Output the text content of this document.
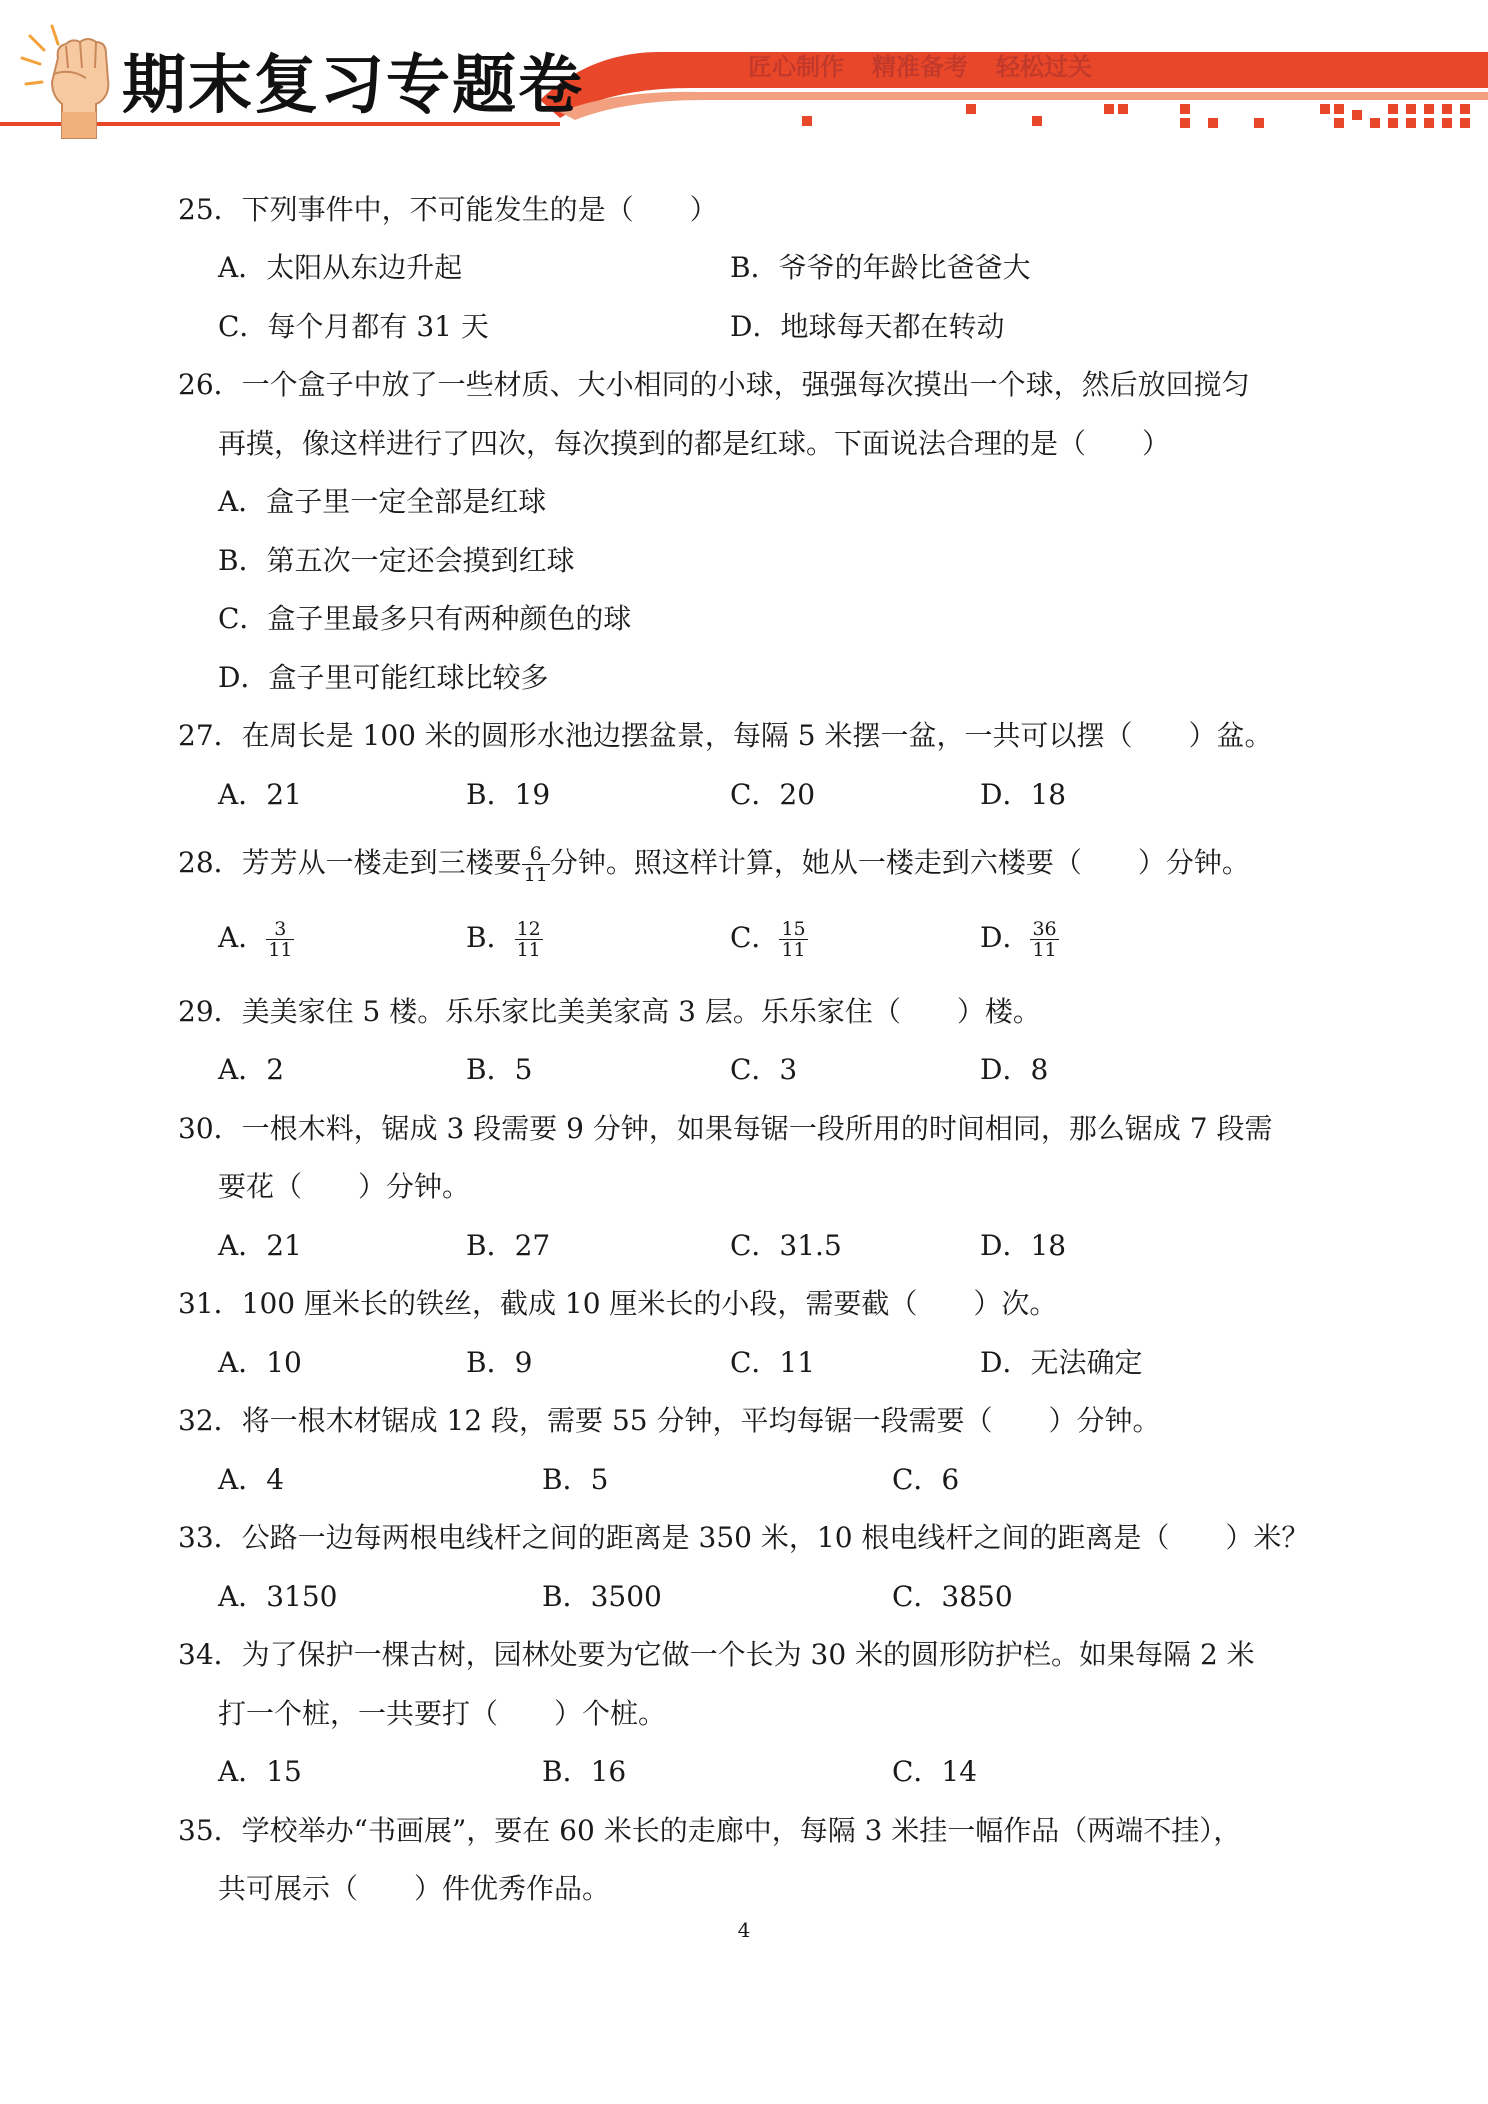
期末复习专题卷	匠心制作 精准备考 轻松过关
25．下列事件中，不可能发生的是（　　）
A．太阳从东边升起	B．爷爷的年龄比爸爸大
C．每个月都有 31 天	D．地球每天都在转动
26．一个盒子中放了一些材质、大小相同的小球，强强每次摸出一个球，然后放回搅匀
再摸，像这样进行了四次，每次摸到的都是红球。下面说法合理的是（　　）
A．盒子里一定全部是红球
B．第五次一定还会摸到红球
C．盒子里最多只有两种颜色的球
D．盒子里可能红球比较多
27．在周长是 100 米的圆形水池边摆盆景，每隔 5 米摆一盆，一共可以摆（　　）盆。
A．21	B．19	C．20	D．18
28．芳芳从一楼走到三楼要 $\frac{6}{11}$ 分钟。照这样计算，她从一楼走到六楼要（　　）分钟。
A． $\frac{3}{11}$	B． $\frac{12}{11}$	C． $\frac{15}{11}$	D． $\frac{36}{11}$
29．美美家住 5 楼。乐乐家比美美家高 3 层。乐乐家住（　　）楼。
A．2	B．5	C．3	D．8
30．一根木料，锯成 3 段需要 9 分钟，如果每锯一段所用的时间相同，那么锯成 7 段需
要花（　　）分钟。
A．21	B．27	C．31.5	D．18
31．100 厘米长的铁丝，截成 10 厘米长的小段，需要截（　　）次。
A．10	B．9	C．11	D．无法确定
32．将一根木材锯成 12 段，需要 55 分钟，平均每锯一段需要（　　）分钟。
A．4	B．5	C．6
33．公路一边每两根电线杆之间的距离是 350 米，10 根电线杆之间的距离是（　　）米？
A．3150	B．3500	C．3850
34．为了保护一棵古树，园林处要为它做一个长为 30 米的圆形防护栏。如果每隔 2 米
打一个桩，一共要打（　　）个桩。
A．15	B．16	C．14
35．学校举办“书画展”，要在 60 米长的走廊中，每隔 3 米挂一幅作品（两端不挂），
共可展示（　　）件优秀作品。
4
